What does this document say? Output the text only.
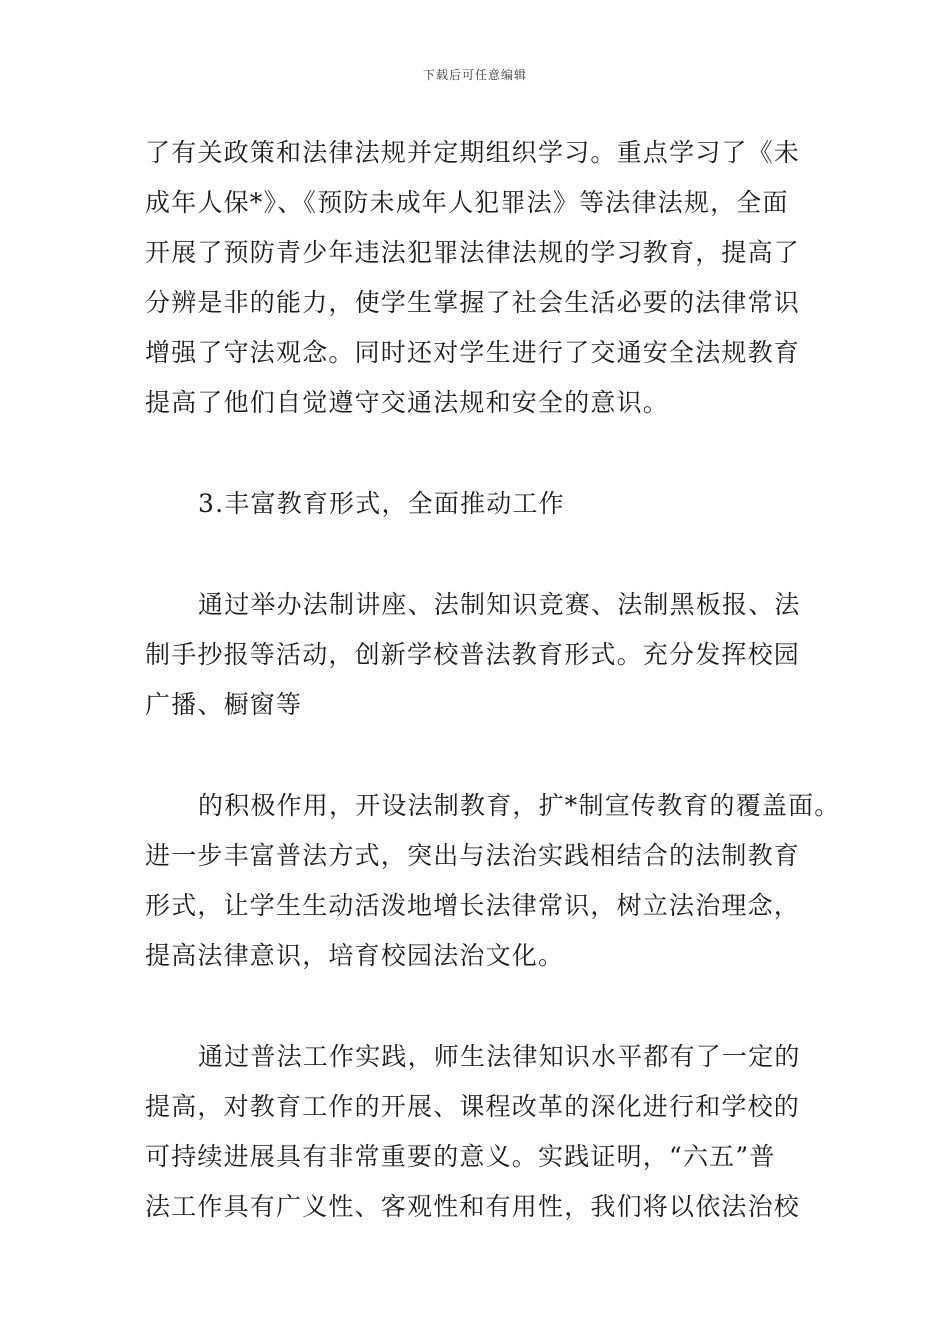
下载后可任意编辑
了有关政策和法律法规并定期组织学习。重点学习了《未
成年人保*》、《预防未成年人犯罪法》等法律法规，全面
开展了预防青少年违法犯罪法律法规的学习教育，提高了
分辨是非的能力，使学生掌握了社会生活必要的法律常识
增强了守法观念。同时还对学生进行了交通安全法规教育
提高了他们自觉遵守交通法规和安全的意识。
3.丰富教育形式，全面推动工作
通过举办法制讲座、法制知识竞赛、法制黑板报、法
制手抄报等活动，创新学校普法教育形式。充分发挥校园
广播、橱窗等
的积极作用，开设法制教育，扩*制宣传教育的覆盖面。
进一步丰富普法方式，突出与法治实践相结合的法制教育
形式，让学生生动活泼地增长法律常识，树立法治理念，
提高法律意识，培育校园法治文化。
通过普法工作实践，师生法律知识水平都有了一定的
提高，对教育工作的开展、课程改革的深化进行和学校的
可持续进展具有非常重要的意义。实践证明，“六五”普
法工作具有广义性、客观性和有用性，我们将以依法治校
